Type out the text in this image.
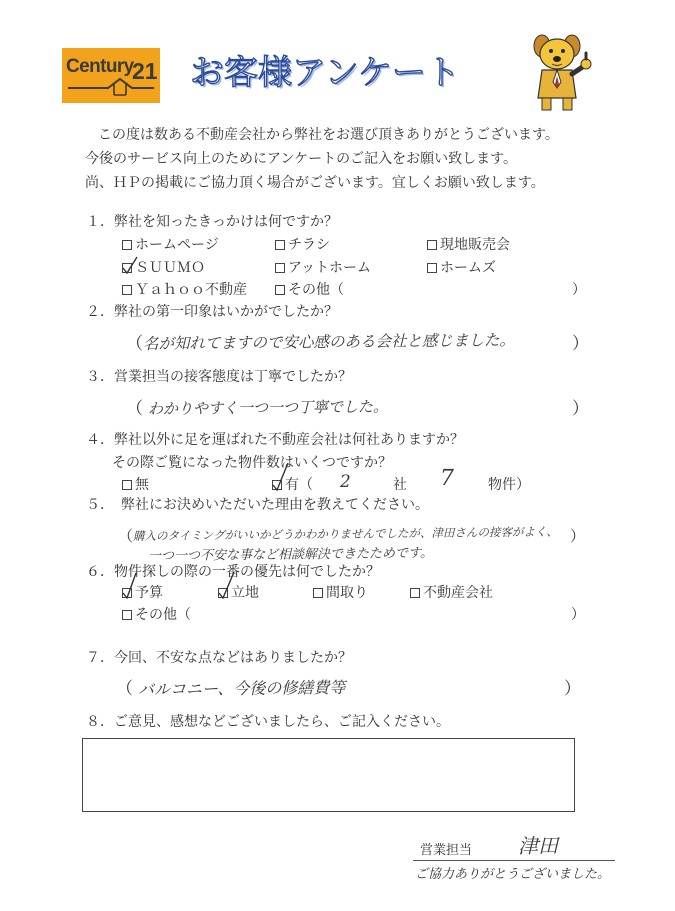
Century
21 お客様アンケート
この度は数ある不動産会社から弊社をお選び頂きありがとうございます。
今後のサービス向上のためにアンケートのご記入をお願い致します。
尚、ＨＰの掲載にご協力頂く場合がございます。宜しくお願い致します。
１．弊社を知ったきっかけは何ですか？
ホームページ	チラシ	現地販売会
ＳＵＵＭＯ	アットホーム	ホームズ
Ｙａｈｏｏ不動産	その他（	）
２．弊社の第一印象はいかがでしたか？
（ 名が知れてますので安心感のある会社と感じました。	）
３．営業担当の接客態度は丁寧でしたか？
（ わかりやすく一つ一つ丁寧でした。	）
４．弊社以外に足を運ばれた不動産会社は何社ありますか？
その際ご覧になった物件数はいくつですか？
無	有（ 2	社 7 物件）
５．　弊社にお決めいただいた理由を教えてください。
（ 購入のタイミングがいいかどうかわかりませんでしたが、津田さんの接客がよく、 ）
一つ一つ不安な事など相談解決できたためです。
６．物件探しの際の一番の優先は何でしたか？
予算	立地	間取り	不動産会社
その他（	）
７．今回、不安な点などはありましたか？
（ バルコニー、今後の修繕費等	）
８．ご意見、感想などございましたら、ご記入ください。
営業担当 津田
ご協力ありがとうございました。
